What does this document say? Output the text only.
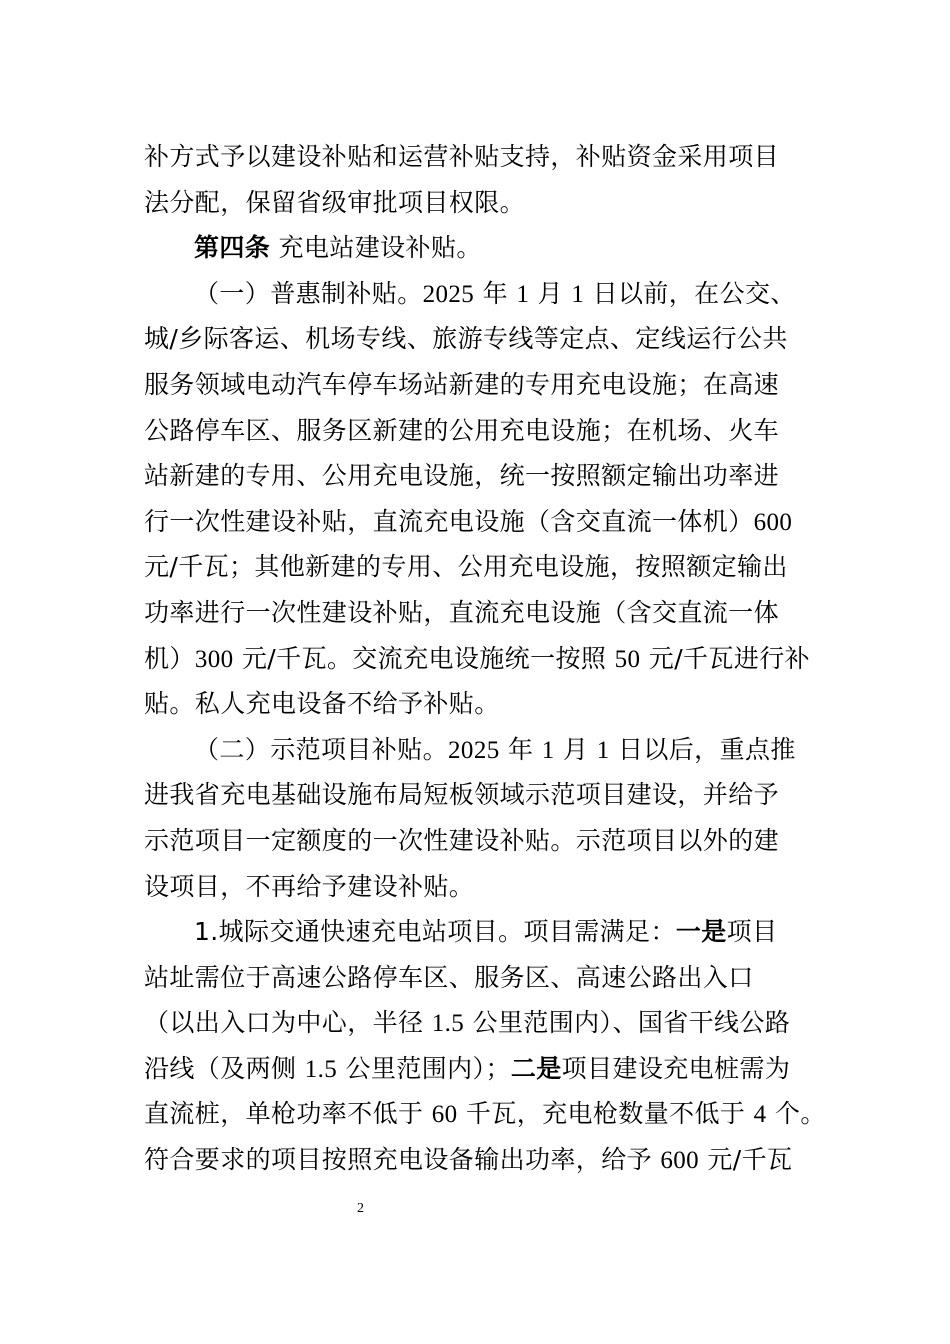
补方式予以建设补贴和运营补贴支持，补贴资金采用项目
法分配，保留省级审批项目权限。
第四条 充电站建设补贴。
（一）普惠制补贴。2025 年 1 月 1 日以前，在公交、
城/乡际客运、机场专线、旅游专线等定点、定线运行公共
服务领域电动汽车停车场站新建的专用充电设施；在高速
公路停车区、服务区新建的公用充电设施；在机场、火车
站新建的专用、公用充电设施，统一按照额定输出功率进
行一次性建设补贴，直流充电设施（含交直流一体机）600
元/千瓦；其他新建的专用、公用充电设施，按照额定输出
功率进行一次性建设补贴，直流充电设施（含交直流一体
机）300 元/千瓦。交流充电设施统一按照 50 元/千瓦进行补
贴。私人充电设备不给予补贴。
（二）示范项目补贴。2025 年 1 月 1 日以后，重点推
进我省充电基础设施布局短板领域示范项目建设，并给予
示范项目一定额度的一次性建设补贴。示范项目以外的建
设项目，不再给予建设补贴。
1.城际交通快速充电站项目。项目需满足：一是项目
站址需位于高速公路停车区、服务区、高速公路出入口
（以出入口为中心，半径 1.5 公里范围内）、国省干线公路
沿线（及两侧 1.5 公里范围内）；二是项目建设充电桩需为
直流桩，单枪功率不低于 60 千瓦，充电枪数量不低于 4 个。
符合要求的项目按照充电设备输出功率，给予 600 元/千瓦
2
